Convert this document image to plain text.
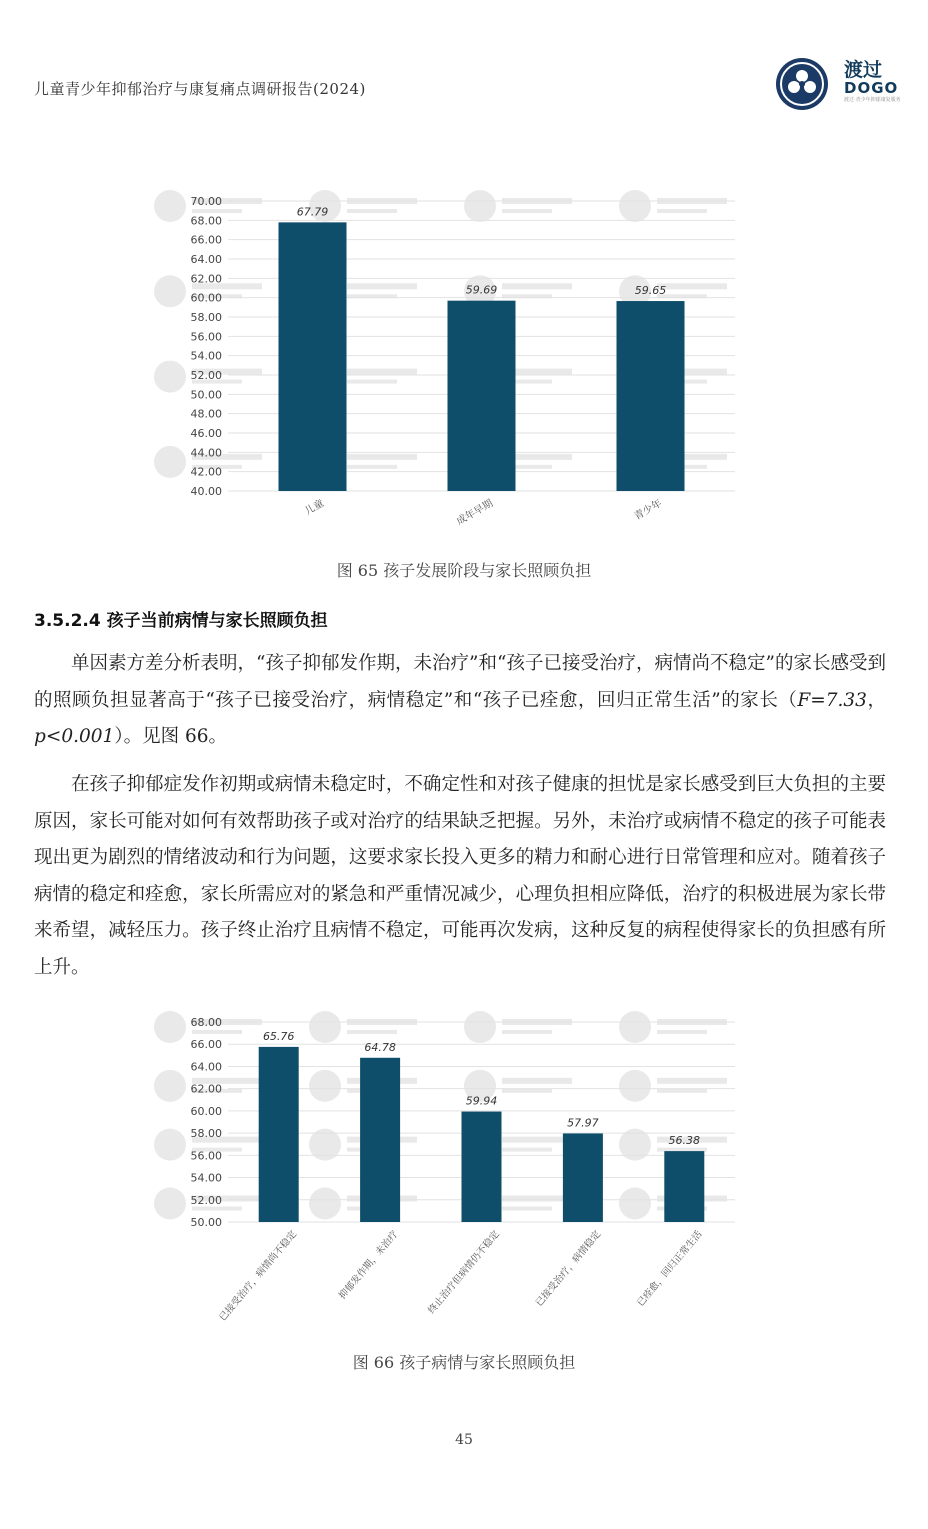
儿童青少年抑郁治疗与康复痛点调研报告(2024)
渡过
DOGO
渡过·青少年抑郁康复服务
40.00
42.00
44.00
46.00
48.00
50.00
52.00
54.00
56.00
58.00
60.00
62.00
64.00
66.00
68.00
70.00
67.79
儿童
59.69
成年早期
59.65
青少年
图 65 孩子发展阶段与家长照顾负担
3.5.2.4 孩子当前病情与家长照顾负担

单因素方差分析表明，“孩子抑郁发作期，未治疗”和“孩子已接受治疗，病情尚不稳定”的家长感受到的照顾负担显著高于“孩子已接受治疗，病情稳定”和“孩子已痊愈，回归正常生活”的家长（F=7.33，p<0.001）。见图 66。

在孩子抑郁症发作初期或病情未稳定时，不确定性和对孩子健康的担忧是家长感受到巨大负担的主要原因，家长可能对如何有效帮助孩子或对治疗的结果缺乏把握。另外，未治疗或病情不稳定的孩子可能表现出更为剧烈的情绪波动和行为问题，这要求家长投入更多的精力和耐心进行日常管理和应对。随着孩子病情的稳定和痊愈，家长所需应对的紧急和严重情况减少，心理负担相应降低，治疗的积极进展为家长带来希望，减轻压力。孩子终止治疗且病情不稳定，可能再次发病，这种反复的病程使得家长的负担感有所上升。

50.00
52.00
54.00
56.00
58.00
60.00
62.00
64.00
66.00
68.00
65.76
已接受治疗，病情尚不稳定
64.78
抑郁发作期，未治疗
59.94
终止治疗但病情仍不稳定
57.97
已接受治疗，病情稳定
56.38
已痊愈，回归正常生活
图 66 孩子病情与家长照顾负担
45
